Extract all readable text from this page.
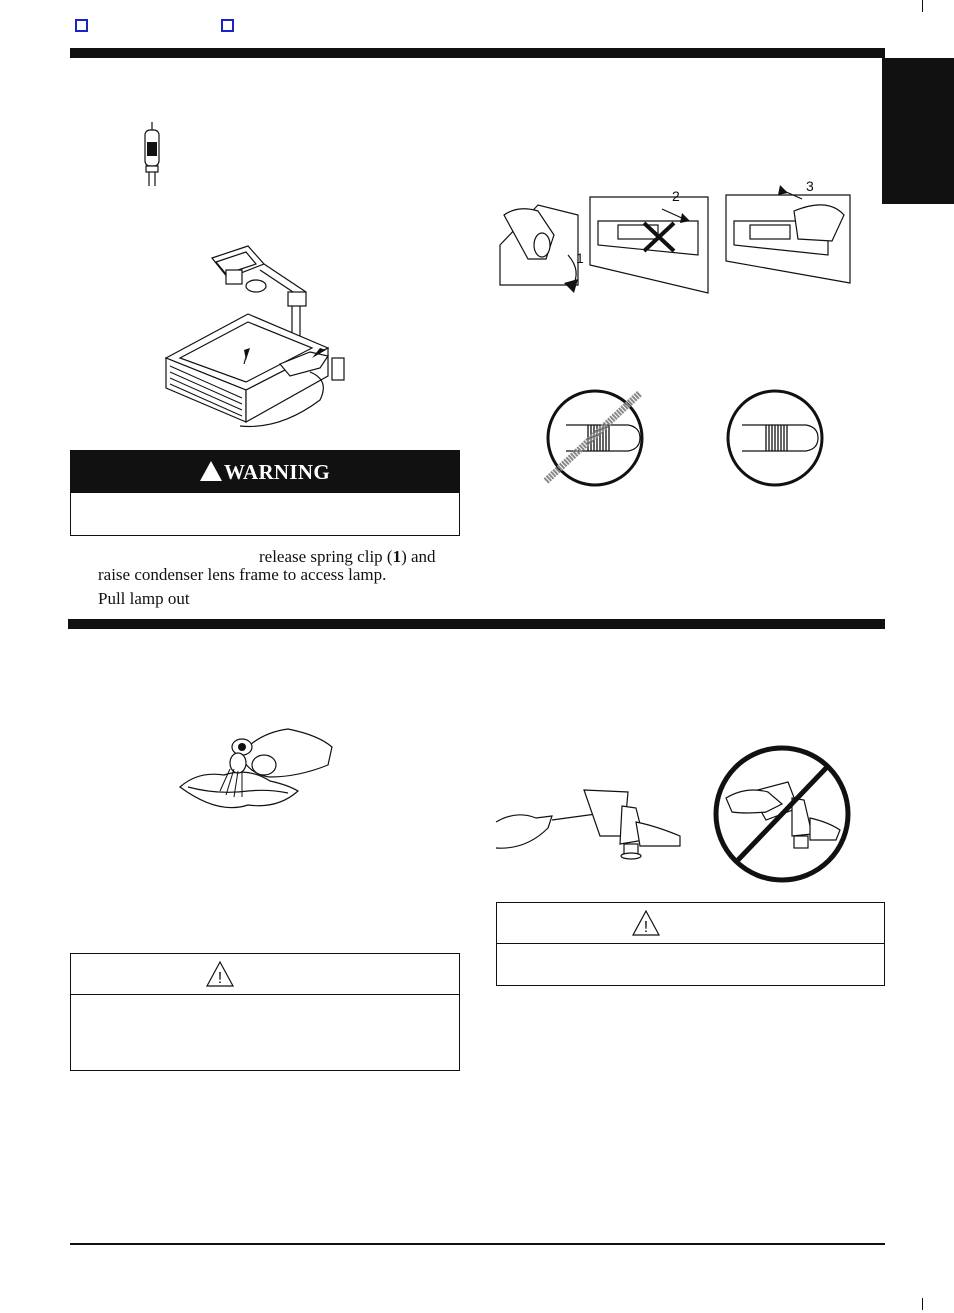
WARNING
release spring clip (1) and
raise condenser lens frame to access lamp.
Pull lamp out
1
2
3
!
!
